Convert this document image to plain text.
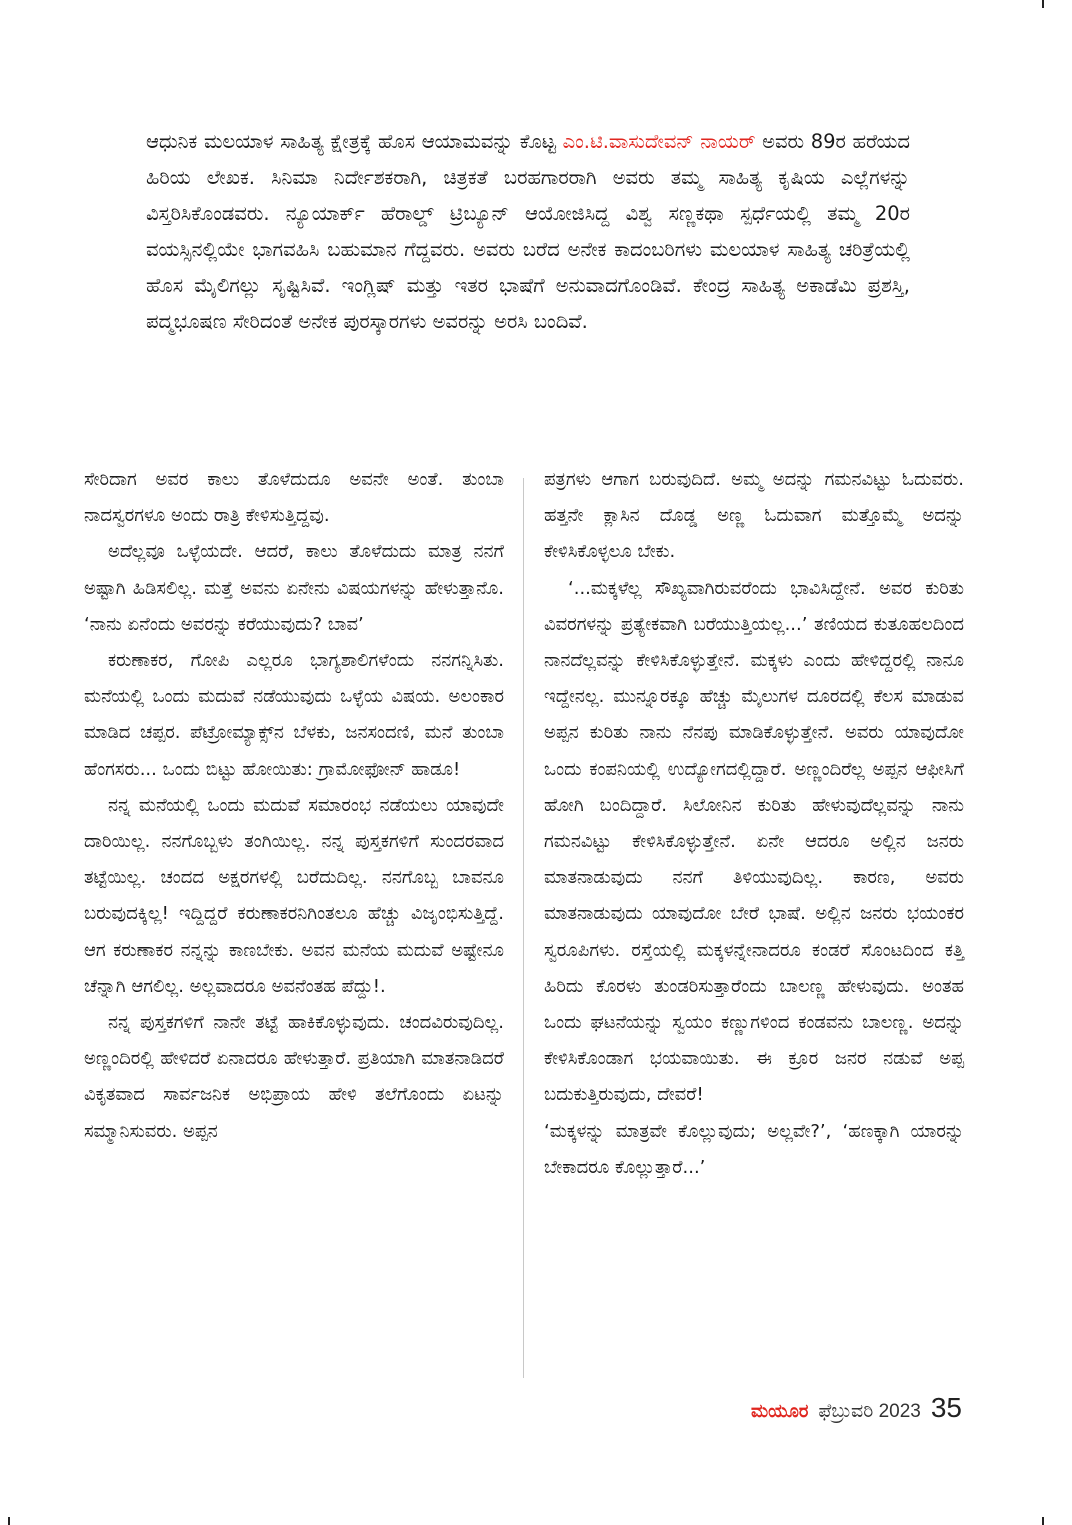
ಆಧುನಿಕ ಮಲಯಾಳ ಸಾಹಿತ್ಯ ಕ್ಷೇತ್ರಕ್ಕೆ ಹೊಸ ಆಯಾಮವನ್ನು ಕೊಟ್ಟ ಎಂ.ಟಿ.ವಾಸುದೇವನ್ ನಾಯರ್ ಅವರು 89ರ ಹರೆಯದ ಹಿರಿಯ ಲೇಖಕ. ಸಿನಿಮಾ ನಿರ್ದೇಶಕರಾಗಿ, ಚಿತ್ರಕತೆ ಬರಹಗಾರರಾಗಿ ಅವರು ತಮ್ಮ ಸಾಹಿತ್ಯ ಕೃಷಿಯ ಎಲ್ಲೆಗಳನ್ನು ವಿಸ್ತರಿಸಿಕೊಂಡವರು. ನ್ಯೂಯಾರ್ಕ್ ಹೆರಾಲ್ಡ್ ಟ್ರಿಬ್ಯೂನ್ ಆಯೋಜಿಸಿದ್ದ ವಿಶ್ವ ಸಣ್ಣಕಥಾ ಸ್ಪರ್ಧೆಯಲ್ಲಿ ತಮ್ಮ 20ರ ವಯಸ್ಸಿನಲ್ಲಿಯೇ ಭಾಗವಹಿಸಿ ಬಹುಮಾನ ಗೆದ್ದವರು. ಅವರು ಬರೆದ ಅನೇಕ ಕಾದಂಬರಿಗಳು ಮಲಯಾಳ ಸಾಹಿತ್ಯ ಚರಿತ್ರೆಯಲ್ಲಿ ಹೊಸ ಮೈಲಿಗಲ್ಲು ಸೃಷ್ಟಿಸಿವೆ. ಇಂಗ್ಲಿಷ್ ಮತ್ತು ಇತರ ಭಾಷೆಗೆ ಅನುವಾದಗೊಂಡಿವೆ. ಕೇಂದ್ರ ಸಾಹಿತ್ಯ ಅಕಾಡೆಮಿ ಪ್ರಶಸ್ತಿ, ಪದ್ಮಭೂಷಣ ಸೇರಿದಂತೆ ಅನೇಕ ಪುರಸ್ಕಾರಗಳು ಅವರನ್ನು ಅರಸಿ ಬಂದಿವೆ.

ಸೇರಿದಾಗ ಅವರ ಕಾಲು ತೊಳೆದುದೂ ಅವನೇ ಅಂತೆ. ತುಂಬಾ ನಾದಸ್ವರಗಳೂ ಅಂದು ರಾತ್ರಿ ಕೇಳಿಸುತ್ತಿದ್ದವು.

ಅದೆಲ್ಲವೂ ಒಳ್ಳೆಯದೇ. ಆದರೆ, ಕಾಲು ತೊಳೆದುದು ಮಾತ್ರ ನನಗೆ ಅಷ್ಟಾಗಿ ಹಿಡಿಸಲಿಲ್ಲ. ಮತ್ತೆ ಅವನು ಏನೇನು ವಿಷಯಗಳನ್ನು ಹೇಳುತ್ತಾನೊ. ‘ನಾನು ಏನೆಂದು ಅವರನ್ನು ಕರೆಯುವುದು? ಬಾವ’

ಕರುಣಾಕರ, ಗೋಪಿ ಎಲ್ಲರೂ ಭಾಗ್ಯಶಾಲಿಗಳೆಂದು ನನಗನ್ನಿಸಿತು. ಮನೆಯಲ್ಲಿ ಒಂದು ಮದುವೆ ನಡೆಯುವುದು ಒಳ್ಳೆಯ ವಿಷಯ. ಅಲಂಕಾರ ಮಾಡಿದ ಚಪ್ಪರ. ಪೆಟ್ರೋಮ್ಯಾಕ್ಸ್‌ನ ಬೆಳಕು, ಜನಸಂದಣಿ, ಮನೆ ತುಂಬಾ ಹೆಂಗಸರು... ಒಂದು ಬಿಟ್ಟು ಹೋಯಿತು: ಗ್ರಾಮೋಫೋನ್ ಹಾಡೂ!

ನನ್ನ ಮನೆಯಲ್ಲಿ ಒಂದು ಮದುವೆ ಸಮಾರಂಭ ನಡೆಯಲು ಯಾವುದೇ ದಾರಿಯಿಲ್ಲ. ನನಗೊಬ್ಬಳು ತಂಗಿಯಿಲ್ಲ. ನನ್ನ ಪುಸ್ತಕಗಳಿಗೆ ಸುಂದರವಾದ ತಟ್ಟೆಯಿಲ್ಲ. ಚಂದದ ಅಕ್ಷರಗಳಲ್ಲಿ ಬರೆದುದಿಲ್ಲ. ನನಗೊಬ್ಬ ಬಾವನೂ ಬರುವುದಕ್ಕಿಲ್ಲ! ಇದ್ದಿದ್ದರೆ ಕರುಣಾಕರನಿಗಿಂತಲೂ ಹೆಚ್ಚು ವಿಜೃಂಭಿಸುತ್ತಿದ್ದೆ. ಆಗ ಕರುಣಾಕರ ನನ್ನನ್ನು ಕಾಣಬೇಕು. ಅವನ ಮನೆಯ ಮದುವೆ ಅಷ್ಟೇನೂ ಚೆನ್ನಾಗಿ ಆಗಲಿಲ್ಲ. ಅಲ್ಲವಾದರೂ ಅವನೆಂತಹ ಪೆದ್ದು!.

ನನ್ನ ಪುಸ್ತಕಗಳಿಗೆ ನಾನೇ ತಟ್ಟೆ ಹಾಕಿಕೊಳ್ಳುವುದು. ಚಂದವಿರುವುದಿಲ್ಲ. ಅಣ್ಣಂದಿರಲ್ಲಿ ಹೇಳಿದರೆ ಏನಾದರೂ ಹೇಳುತ್ತಾರೆ. ಪ್ರತಿಯಾಗಿ ಮಾತನಾಡಿದರೆ ವಿಕೃತವಾದ ಸಾರ್ವಜನಿಕ ಅಭಿಪ್ರಾಯ ಹೇಳಿ ತಲೆಗೊಂದು ಏಟನ್ನು ಸಮ್ಮಾನಿಸುವರು. ಅಪ್ಪನ

ಪತ್ರಗಳು ಆಗಾಗ ಬರುವುದಿದೆ. ಅಮ್ಮ ಅದನ್ನು ಗಮನವಿಟ್ಟು ಓದುವರು. ಹತ್ತನೇ ಕ್ಲಾಸಿನ ದೊಡ್ಡ ಅಣ್ಣ ಓದುವಾಗ ಮತ್ತೊಮ್ಮೆ ಅದನ್ನು ಕೇಳಿಸಿಕೊಳ್ಳಲೂ ಬೇಕು.

‘...ಮಕ್ಕಳೆಲ್ಲ ಸೌಖ್ಯವಾಗಿರುವರೆಂದು ಭಾವಿಸಿದ್ದೇನೆ. ಅವರ ಕುರಿತು ವಿವರಗಳನ್ನು ಪ್ರತ್ಯೇಕವಾಗಿ ಬರೆಯುತ್ತಿಯಲ್ಲ...’ ತಣಿಯದ ಕುತೂಹಲದಿಂದ ನಾನದೆಲ್ಲವನ್ನು ಕೇಳಿಸಿಕೊಳ್ಳುತ್ತೇನೆ. ಮಕ್ಕಳು ಎಂದು ಹೇಳಿದ್ದರಲ್ಲಿ ನಾನೂ ಇದ್ದೇನಲ್ಲ. ಮುನ್ನೂರಕ್ಕೂ ಹೆಚ್ಚು ಮೈಲುಗಳ ದೂರದಲ್ಲಿ ಕೆಲಸ ಮಾಡುವ ಅಪ್ಪನ ಕುರಿತು ನಾನು ನೆನಪು ಮಾಡಿಕೊಳ್ಳುತ್ತೇನೆ. ಅವರು ಯಾವುದೋ ಒಂದು ಕಂಪನಿಯಲ್ಲಿ ಉದ್ಯೋಗದಲ್ಲಿದ್ದಾರೆ. ಅಣ್ಣಂದಿರೆಲ್ಲ ಅಪ್ಪನ ಆಫೀಸಿಗೆ ಹೋಗಿ ಬಂದಿದ್ದಾರೆ. ಸಿಲೋನಿನ ಕುರಿತು ಹೇಳುವುದೆಲ್ಲವನ್ನು ನಾನು ಗಮನವಿಟ್ಟು ಕೇಳಿಸಿಕೊಳ್ಳುತ್ತೇನೆ. ಏನೇ ಆದರೂ ಅಲ್ಲಿನ ಜನರು ಮಾತನಾಡುವುದು ನನಗೆ ತಿಳಿಯುವುದಿಲ್ಲ. ಕಾರಣ, ಅವರು ಮಾತನಾಡುವುದು ಯಾವುದೋ ಬೇರೆ ಭಾಷೆ. ಅಲ್ಲಿನ ಜನರು ಭಯಂಕರ ಸ್ವರೂಪಿಗಳು. ರಸ್ತೆಯಲ್ಲಿ ಮಕ್ಕಳನ್ನೇನಾದರೂ ಕಂಡರೆ ಸೊಂಟದಿಂದ ಕತ್ತಿ ಹಿರಿದು ಕೊರಳು ತುಂಡರಿಸುತ್ತಾರೆಂದು ಬಾಲಣ್ಣ ಹೇಳುವುದು. ಅಂತಹ ಒಂದು ಘಟನೆಯನ್ನು ಸ್ವಯಂ ಕಣ್ಣುಗಳಿಂದ ಕಂಡವನು ಬಾಲಣ್ಣ. ಅದನ್ನು ಕೇಳಿಸಿಕೊಂಡಾಗ ಭಯವಾಯಿತು. ಈ ಕ್ರೂರ ಜನರ ನಡುವೆ ಅಪ್ಪ ಬದುಕುತ್ತಿರುವುದು, ದೇವರೆ!

‘ಮಕ್ಕಳನ್ನು ಮಾತ್ರವೇ ಕೊಲ್ಲುವುದು; ಅಲ್ಲವೇ?’, ‘ಹಣಕ್ಕಾಗಿ ಯಾರನ್ನು ಬೇಕಾದರೂ ಕೊಲ್ಲುತ್ತಾರೆ...’

ಮಯೂರ ಫೆಬ್ರುವರಿ 2023 35
